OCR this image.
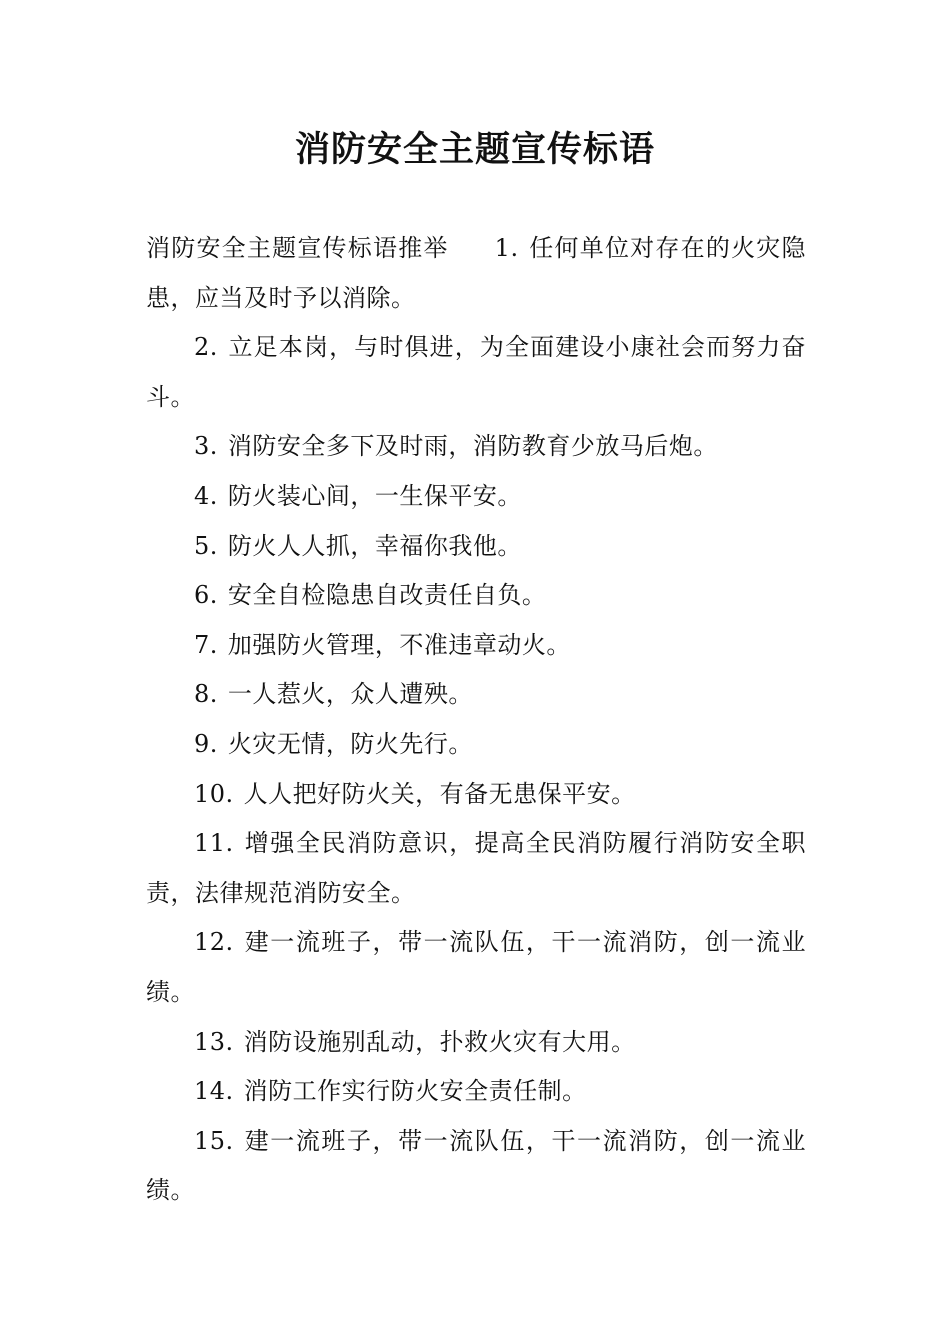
消防安全主题宣传标语

消防安全主题宣传标语推举 1. 任何单位对存在的火灾隐患，应当及时予以消除。

2. 立足本岗，与时俱进，为全面建设小康社会而努力奋斗。

3. 消防安全多下及时雨，消防教育少放马后炮。

4. 防火装心间，一生保平安。

5. 防火人人抓，幸福你我他。

6. 安全自检隐患自改责任自负。

7. 加强防火管理，不准违章动火。

8. 一人惹火，众人遭殃。

9. 火灾无情，防火先行。

10. 人人把好防火关，有备无患保平安。

11. 增强全民消防意识，提高全民消防履行消防安全职责，法律规范消防安全。

12. 建一流班子，带一流队伍，干一流消防，创一流业绩。

13. 消防设施别乱动，扑救火灾有大用。

14. 消防工作实行防火安全责任制。

15. 建一流班子，带一流队伍，干一流消防，创一流业绩。
